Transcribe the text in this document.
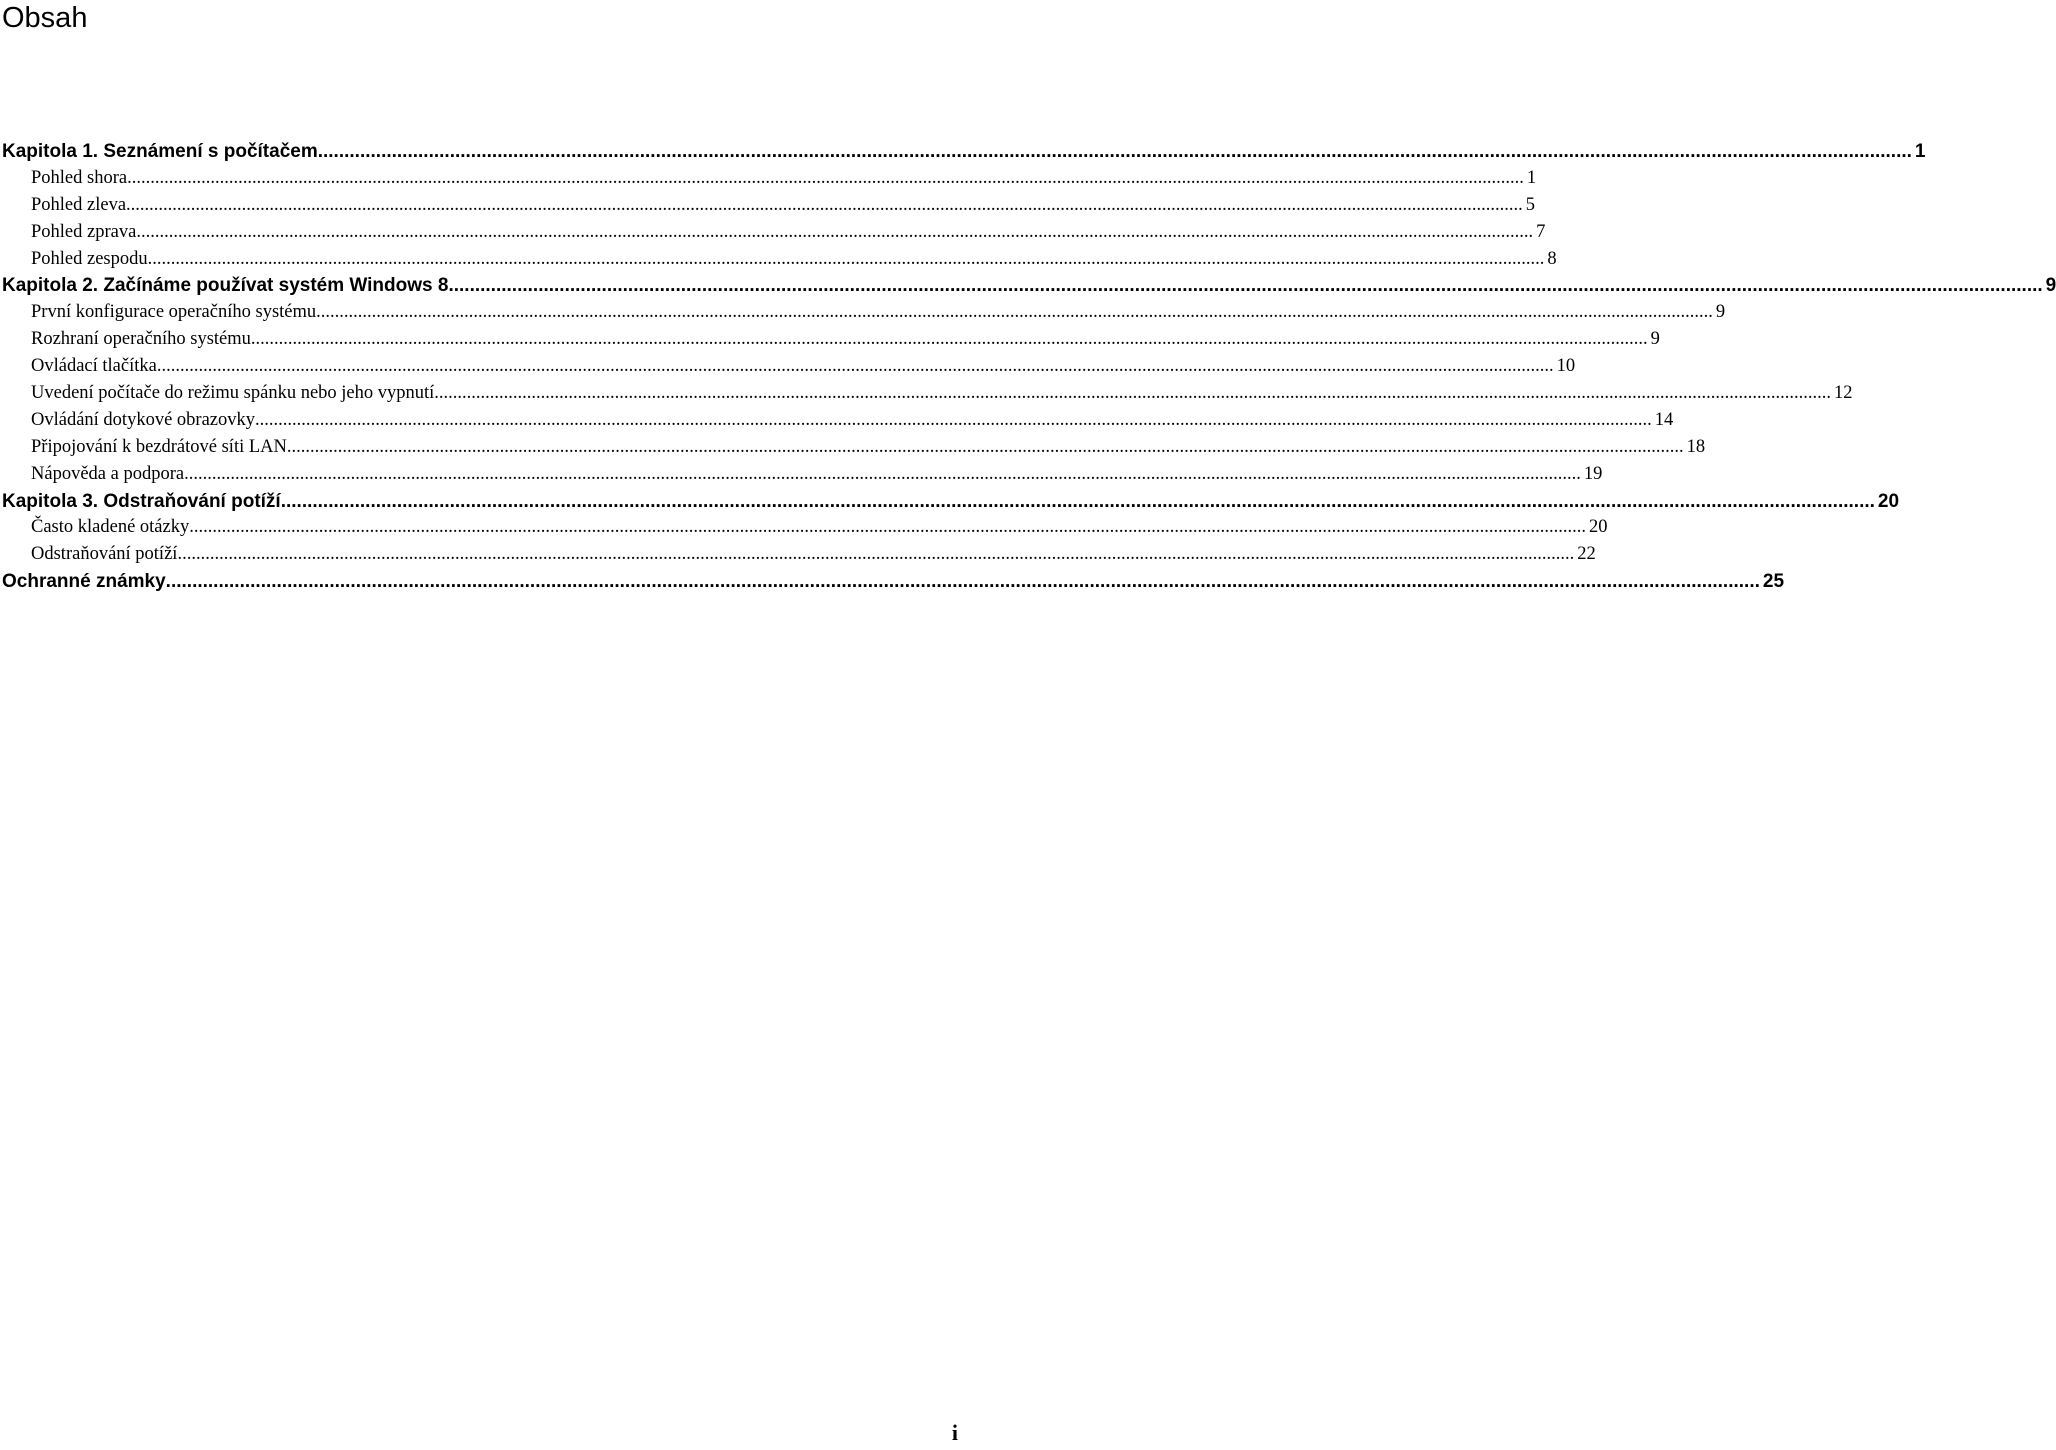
Obsah
Kapitola 1. Seznámení s počítačem .....	1
Pohled shora .....	1
Pohled zleva .....	5
Pohled zprava .....	7
Pohled zespodu .....	8
Kapitola 2. Začínáme používat systém Windows 8 .....	9
První konfigurace operačního systému .....	9
Rozhraní operačního systému .....	9
Ovládací tlačítka .....	10
Uvedení počítače do režimu spánku nebo jeho vypnutí .....	12
Ovládání dotykové obrazovky .....	14
Připojování k bezdrátové síti LAN .....	18
Nápověda a podpora .....	19
Kapitola 3. Odstraňování potíží .....	20
Často kladené otázky .....	20
Odstraňování potíží .....	22
Ochranné známky .....	25
i
